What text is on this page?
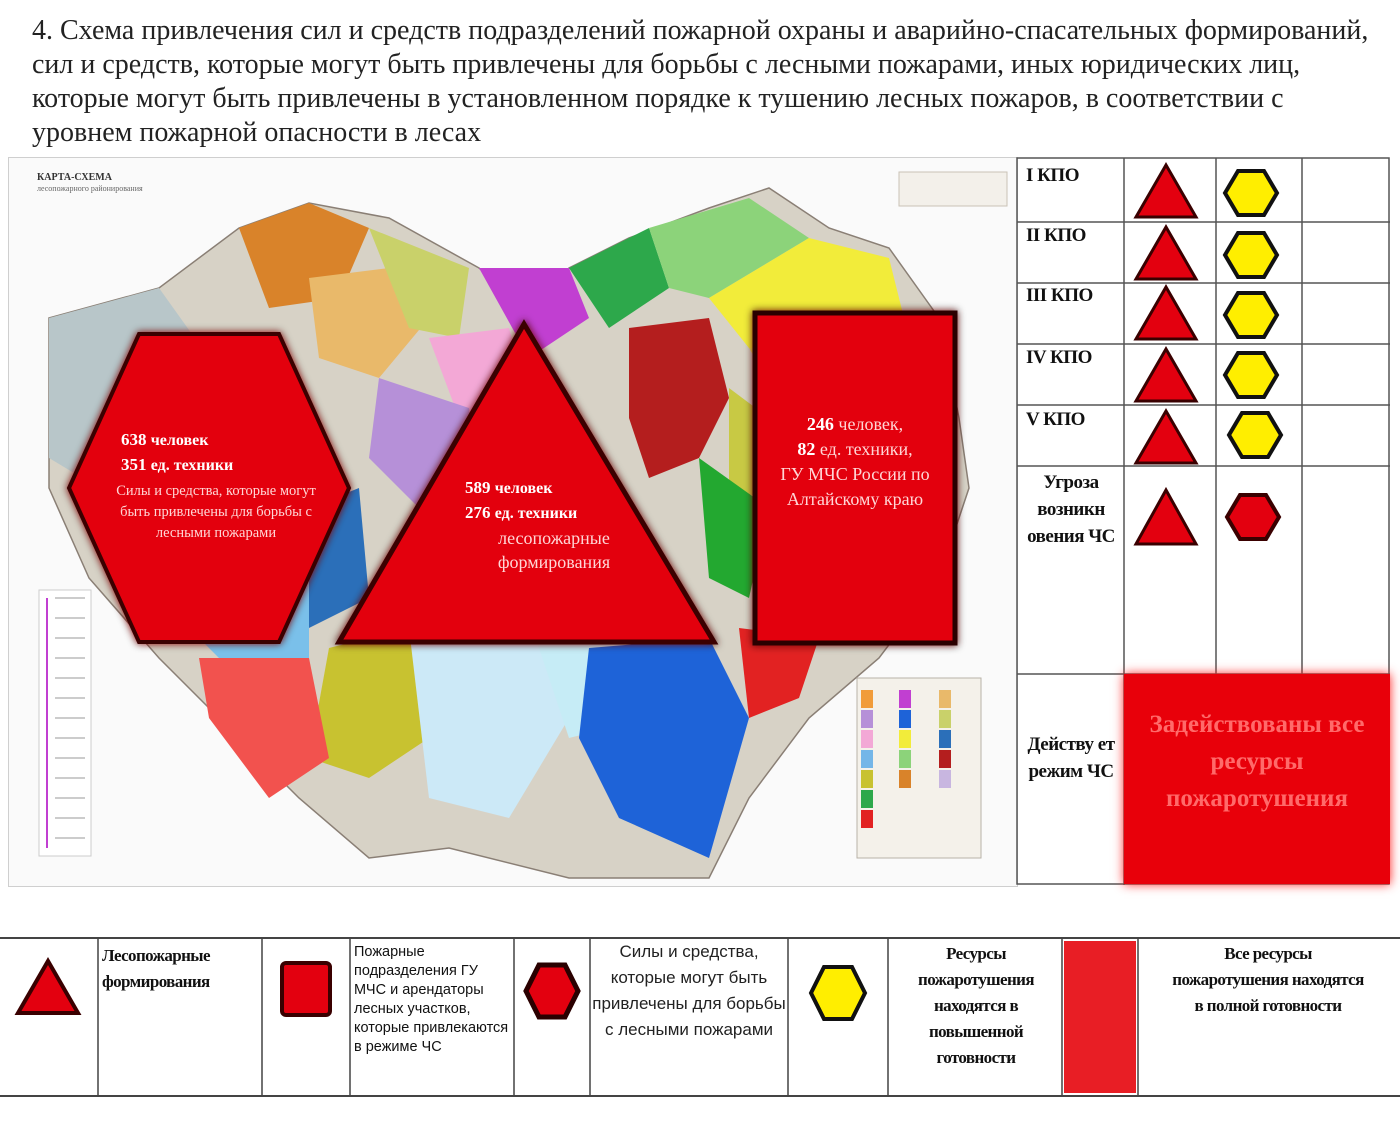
4. Схема привлечения сил и средств подразделений пожарной охраны и аварийно-спасательных формирований, сил и средств, которые могут быть привлечены для борьбы с лесными пожарами, иных юридических лиц, которые могут быть привлечены в установленном порядке к тушению лесных пожаров, в соответствии с уровнем пожарной опасности в лесах
КАРТА-СХЕМА
лесопожарного районирования
638 человек
351 ед. техники
Силы и средства, которые могут быть привлечены для борьбы с лесными пожарами
589 человек
276 ед. техники
лесопожарные формирования
246 человек,
82 ед. техники,
ГУ МЧС России по Алтайскому краю
I КПО
II КПО
III КПО
IV КПО
V КПО
Угроза возникн овения ЧС
Действу ет режим ЧС
Задействованы все ресурсы пожаротушения
Лесопожарные формирования
Пожарные подразделения ГУ МЧС и арендаторы лесных участков, которые привлекаются в режиме ЧС
Силы и средства, которые могут быть привлечены для борьбы с лесными пожарами
Ресурсы пожаротушения находятся в повышенной готовности
Все ресурсы пожаротушения находятся в полной готовности
